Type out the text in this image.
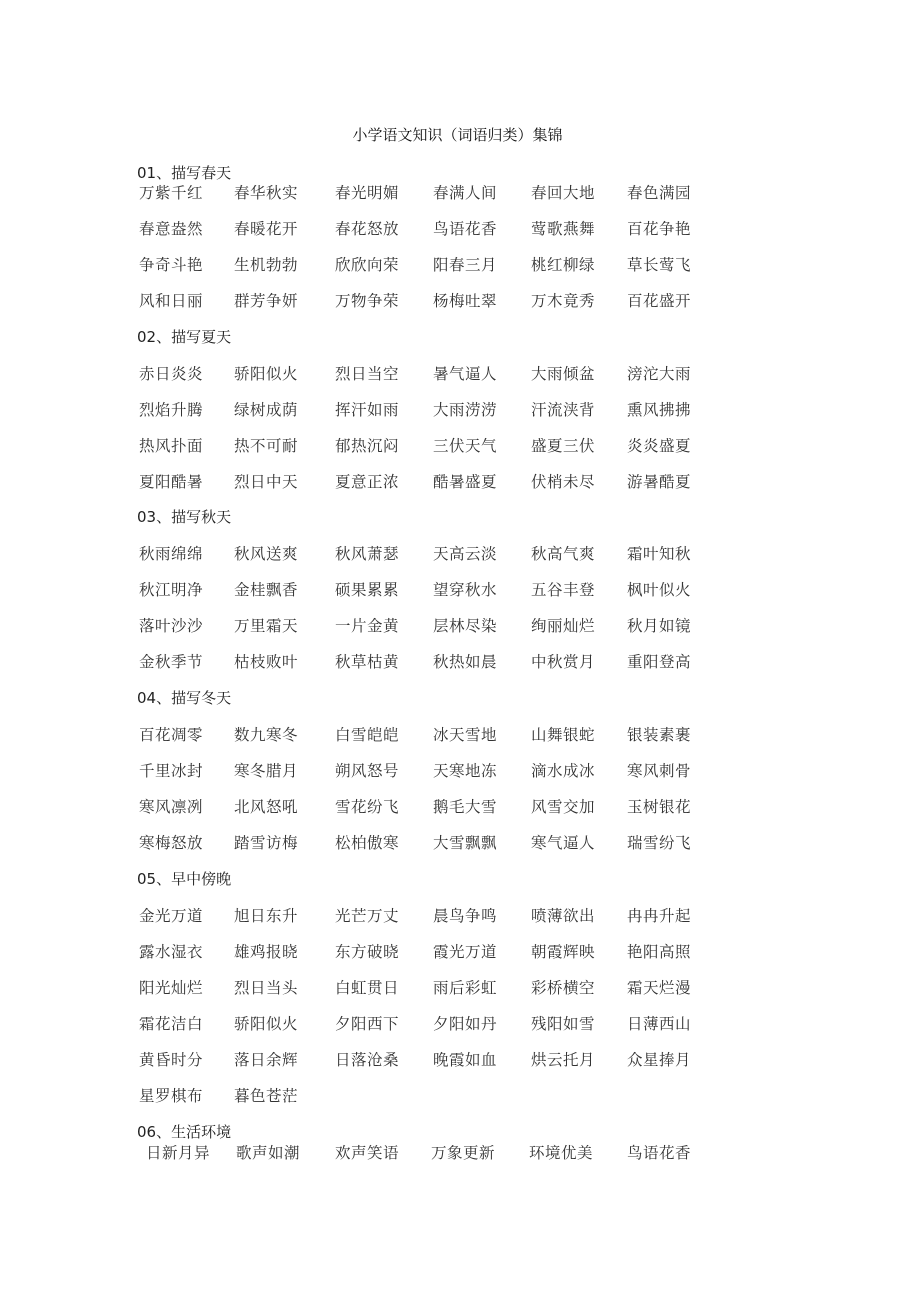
小学语文知识（词语归类）集锦
01、描写春天
万紫千红 春华秋实 春光明媚 春满人间 春回大地 春色满园
春意盎然 春暖花开 春花怒放 鸟语花香 莺歌燕舞 百花争艳
争奇斗艳 生机勃勃 欣欣向荣 阳春三月 桃红柳绿 草长莺飞
风和日丽 群芳争妍 万物争荣 杨梅吐翠 万木竟秀 百花盛开
02、描写夏天
赤日炎炎 骄阳似火 烈日当空 暑气逼人 大雨倾盆 滂沱大雨
烈焰升腾 绿树成荫 挥汗如雨 大雨涝涝 汗流浃背 熏风拂拂
热风扑面 热不可耐 郁热沉闷 三伏天气 盛夏三伏 炎炎盛夏
夏阳酷暑 烈日中天 夏意正浓 酷暑盛夏 伏梢未尽 游暑酷夏
03、描写秋天
秋雨绵绵 秋风送爽 秋风萧瑟 天高云淡 秋高气爽 霜叶知秋
秋江明净 金桂飘香 硕果累累 望穿秋水 五谷丰登 枫叶似火
落叶沙沙 万里霜天 一片金黄 层林尽染 绚丽灿烂 秋月如镜
金秋季节 枯枝败叶 秋草枯黄 秋热如晨 中秋赏月 重阳登高
04、描写冬天
百花凋零 数九寒冬 白雪皑皑 冰天雪地 山舞银蛇 银装素裹
千里冰封 寒冬腊月 朔风怒号 天寒地冻 滴水成冰 寒风刺骨
寒风凛冽 北风怒吼 雪花纷飞 鹅毛大雪 风雪交加 玉树银花
寒梅怒放 踏雪访梅 松柏傲寒 大雪飘飘 寒气逼人 瑞雪纷飞
05、早中傍晚
金光万道 旭日东升 光芒万丈 晨鸟争鸣 喷薄欲出 冉冉升起
露水湿衣 雄鸡报晓 东方破晓 霞光万道 朝霞辉映 艳阳高照
阳光灿烂 烈日当头 白虹贯日 雨后彩虹 彩桥横空 霜天烂漫
霜花洁白 骄阳似火 夕阳西下 夕阳如丹 残阳如雪 日薄西山
黄昏时分 落日余辉 日落沧桑 晚霞如血 烘云托月 众星捧月
星罗棋布 暮色苍茫
06、生活环境
日新月异 歌声如潮 欢声笑语 万象更新 环境优美 鸟语花香
